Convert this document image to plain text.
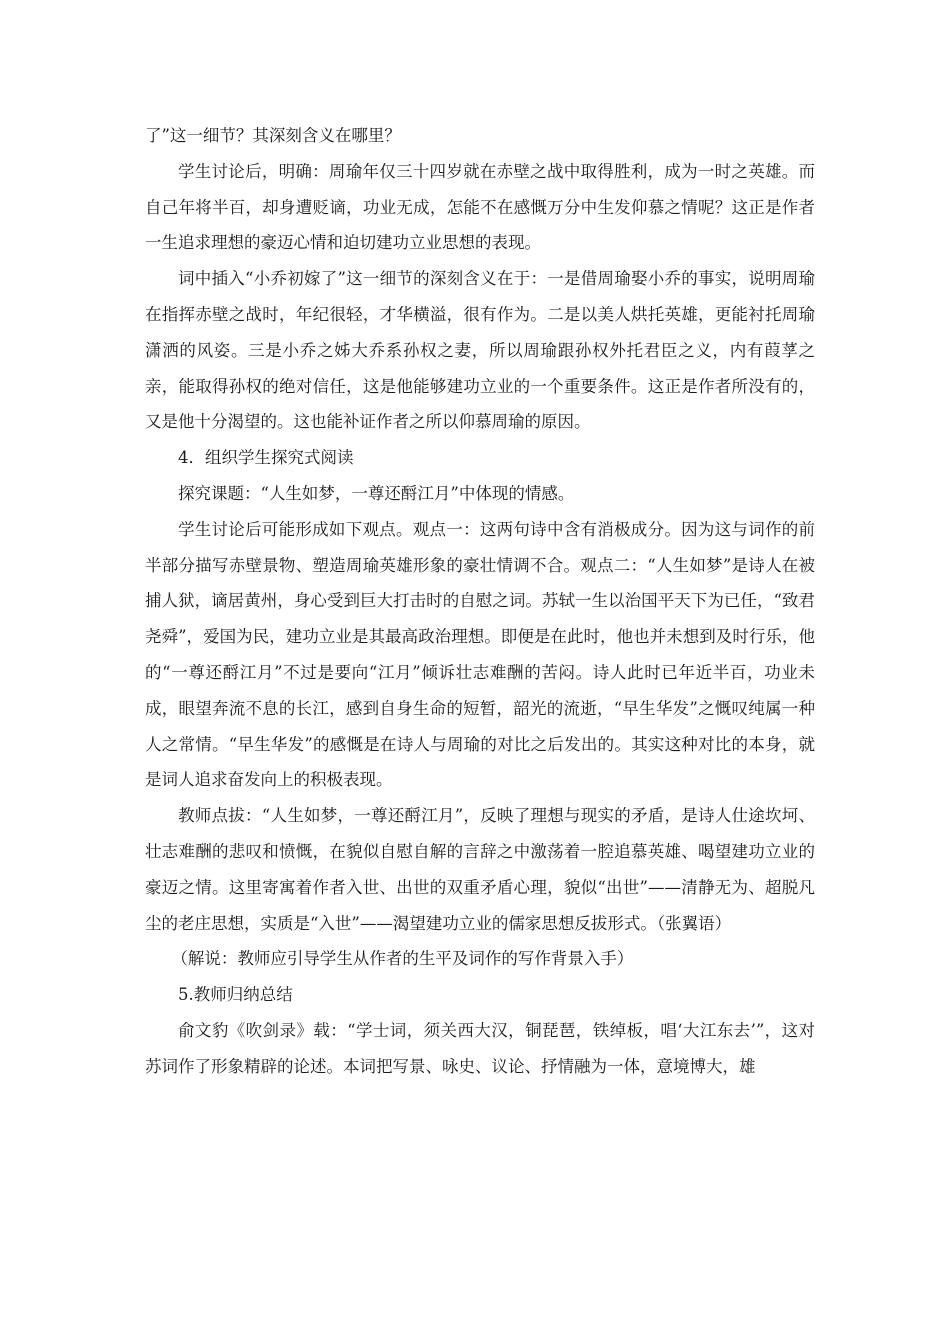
了”这一细节？其深刻含义在哪里？

学生讨论后，明确：周瑜年仅三十四岁就在赤壁之战中取得胜利，成为一时之英雄。而自己年将半百，却身遭贬谪，功业无成，怎能不在感慨万分中生发仰慕之情呢？这正是作者一生追求理想的豪迈心情和迫切建功立业思想的表现。

词中插入“小乔初嫁了”这一细节的深刻含义在于：一是借周瑜娶小乔的事实，说明周瑜在指挥赤壁之战时，年纪很轻，才华横溢，很有作为。二是以美人烘托英雄，更能衬托周瑜潇洒的风姿。三是小乔之姊大乔系孙权之妻，所以周瑜跟孙权外托君臣之义，内有葭莩之亲，能取得孙权的绝对信任，这是他能够建功立业的一个重要条件。这正是作者所没有的，又是他十分渴望的。这也能补证作者之所以仰慕周瑜的原因。

4．组织学生探究式阅读

探究课题：“人生如梦，一尊还酹江月”中体现的情感。

学生讨论后可能形成如下观点。观点一：这两句诗中含有消极成分。因为这与词作的前半部分描写赤壁景物、塑造周瑜英雄形象的豪壮情调不合。观点二：“人生如梦”是诗人在被捕人狱，谪居黄州，身心受到巨大打击时的自慰之词。苏轼一生以治国平天下为已任，“致君尧舜”，爱国为民，建功立业是其最高政治理想。即便是在此时，他也并未想到及时行乐，他的“一尊还酹江月”不过是要向“江月”倾诉壮志难酬的苦闷。诗人此时已年近半百，功业未成，眼望奔流不息的长江，感到自身生命的短暂，韶光的流逝，“早生华发”之慨叹纯属一种人之常情。“早生华发”的感慨是在诗人与周瑜的对比之后发出的。其实这种对比的本身，就是词人追求奋发向上的积极表现。

教师点拔：“人生如梦，一尊还酹江月”，反映了理想与现实的矛盾，是诗人仕途坎坷、壮志难酬的悲叹和愤慨，在貌似自慰自解的言辞之中激荡着一腔追慕英雄、喝望建功立业的豪迈之情。这里寄寓着作者入世、出世的双重矛盾心理，貌似“出世”——清静无为、超脱凡尘的老庄思想，实质是“入世”——渴望建功立业的儒家思想反拔形式。（张翼语）

（解说：教师应引导学生从作者的生平及词作的写作背景入手）

5.教师归纳总结

俞文豹《吹剑录》载：“学士词，须关西大汉，铜琵琶，铁绰板，唱‘大江东去’”，这对苏词作了形象精辟的论述。本词把写景、咏史、议论、抒情融为一体，意境博大，雄
